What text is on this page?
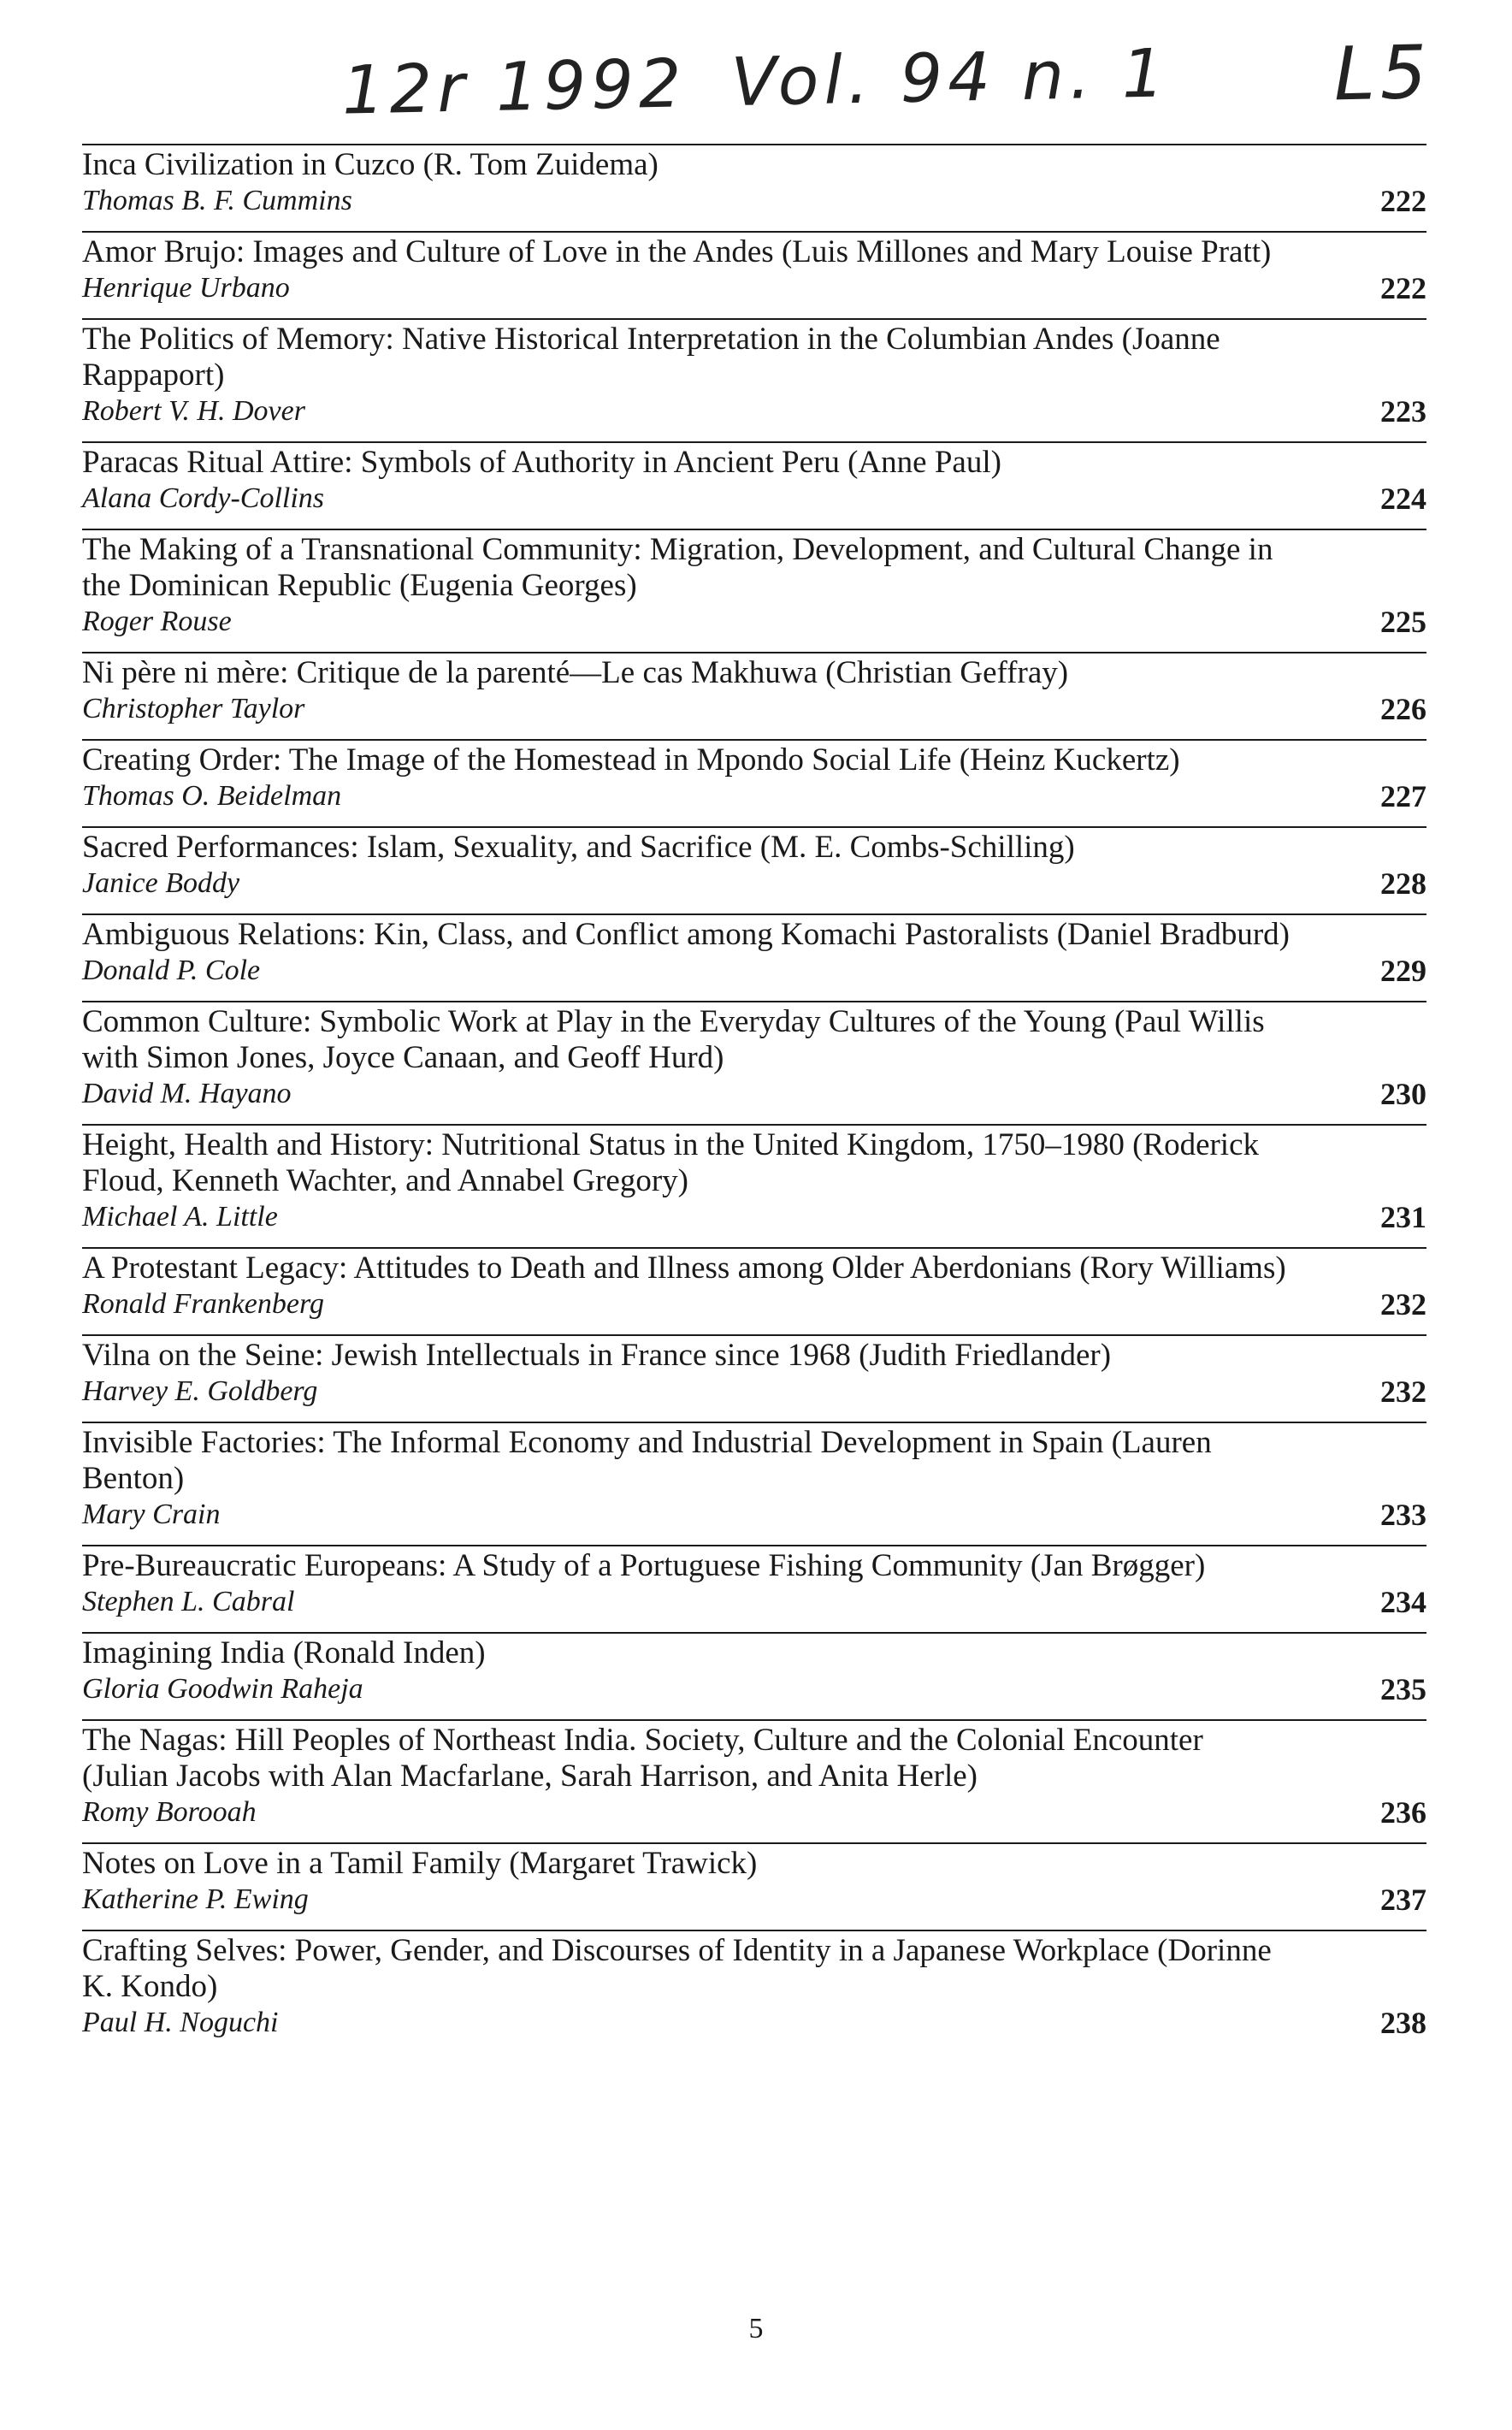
12r 1992 Vol. 94 n. 1 L5
Inca Civilization in Cuzco (R. Tom Zuidema)
Thomas B. F. Cummins	222
Amor Brujo: Images and Culture of Love in the Andes (Luis Millones and Mary Louise Pratt)
Henrique Urbano	222
The Politics of Memory: Native Historical Interpretation in the Columbian Andes (Joanne Rappaport)
Robert V. H. Dover	223
Paracas Ritual Attire: Symbols of Authority in Ancient Peru (Anne Paul)
Alana Cordy-Collins	224
The Making of a Transnational Community: Migration, Development, and Cultural Change in the Dominican Republic (Eugenia Georges)
Roger Rouse	225
Ni père ni mère: Critique de la parenté—Le cas Makhuwa (Christian Geffray)
Christopher Taylor	226
Creating Order: The Image of the Homestead in Mpondo Social Life (Heinz Kuckertz)
Thomas O. Beidelman	227
Sacred Performances: Islam, Sexuality, and Sacrifice (M. E. Combs-Schilling)
Janice Boddy	228
Ambiguous Relations: Kin, Class, and Conflict among Komachi Pastoralists (Daniel Bradburd)
Donald P. Cole	229
Common Culture: Symbolic Work at Play in the Everyday Cultures of the Young (Paul Willis with Simon Jones, Joyce Canaan, and Geoff Hurd)
David M. Hayano	230
Height, Health and History: Nutritional Status in the United Kingdom, 1750–1980 (Roderick Floud, Kenneth Wachter, and Annabel Gregory)
Michael A. Little	231
A Protestant Legacy: Attitudes to Death and Illness among Older Aberdonians (Rory Williams)
Ronald Frankenberg	232
Vilna on the Seine: Jewish Intellectuals in France since 1968 (Judith Friedlander)
Harvey E. Goldberg	232
Invisible Factories: The Informal Economy and Industrial Development in Spain (Lauren Benton)
Mary Crain	233
Pre-Bureaucratic Europeans: A Study of a Portuguese Fishing Community (Jan Brøgger)
Stephen L. Cabral	234
Imagining India (Ronald Inden)
Gloria Goodwin Raheja	235
The Nagas: Hill Peoples of Northeast India. Society, Culture and the Colonial Encounter (Julian Jacobs with Alan Macfarlane, Sarah Harrison, and Anita Herle)
Romy Borooah	236
Notes on Love in a Tamil Family (Margaret Trawick)
Katherine P. Ewing	237
Crafting Selves: Power, Gender, and Discourses of Identity in a Japanese Workplace (Dorinne K. Kondo)
Paul H. Noguchi	238
5
